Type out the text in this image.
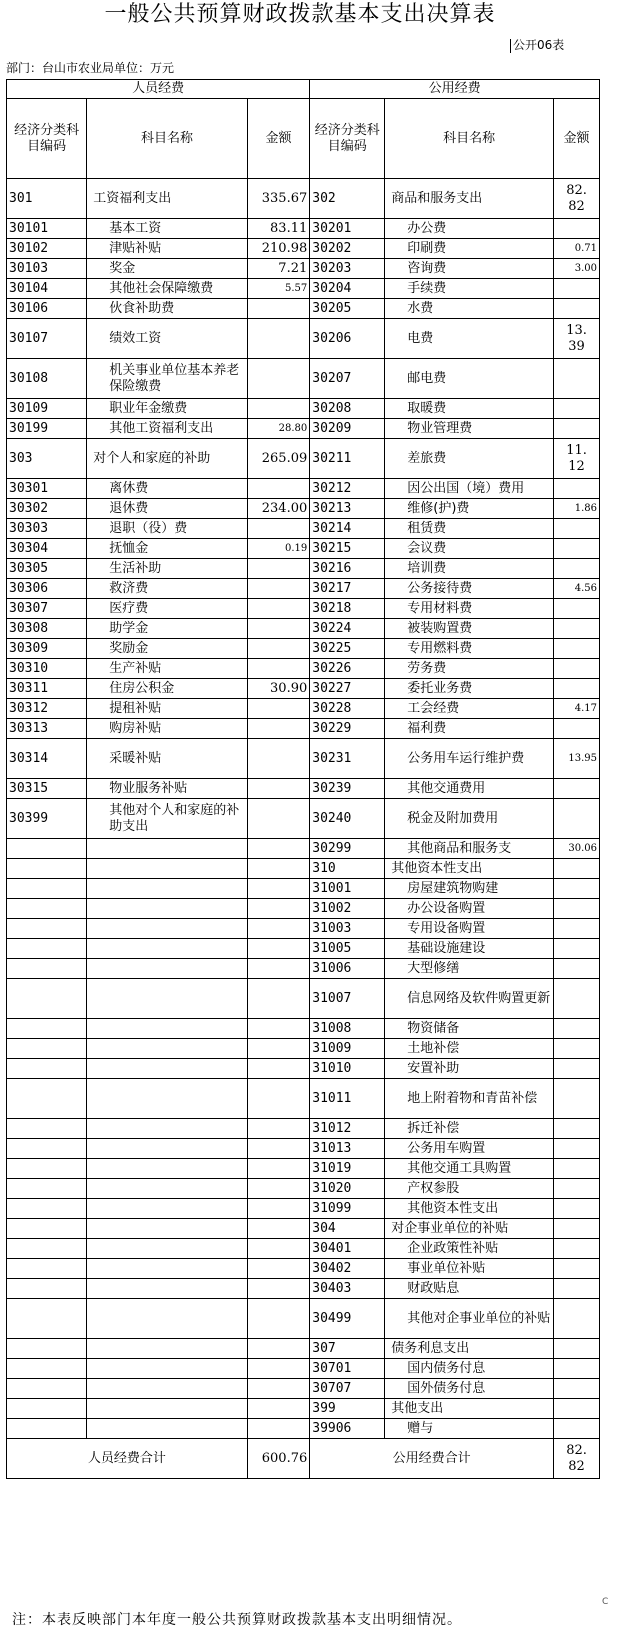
一般公共预算财政拨款基本支出决算表
公开06表
部门：台山市农业局单位：万元
人员经费			公用经费		
经济分类科目编码	科目名称	金额	经济分类科目编码	科目名称	金额
301	工资福利支出	335.67	302	商品和服务支出	82.82
30101	基本工资	83.11	30201	办公费	
30102	津贴补贴	210.98	30202	印刷费	0.71
30103	奖金	7.21	30203	咨询费	3.00
30104	其他社会保障缴费	5.57	30204	手续费	
30106	伙食补助费		30205	水费	
30107	绩效工资		30206	电费	13.39
30108	机关事业单位基本养老保险缴费		30207	邮电费	
30109	职业年金缴费		30208	取暖费	
30199	其他工资福利支出	28.80	30209	物业管理费	
303	对个人和家庭的补助	265.09	30211	差旅费	11.12
30301	离休费		30212	因公出国（境）费用	
30302	退休费	234.00	30213	维修(护)费	1.86
30303	退职（役）费		30214	租赁费	
30304	抚恤金	0.19	30215	会议费	
30305	生活补助		30216	培训费	
30306	救济费		30217	公务接待费	4.56
30307	医疗费		30218	专用材料费	
30308	助学金		30224	被装购置费	
30309	奖励金		30225	专用燃料费	
30310	生产补贴		30226	劳务费	
30311	住房公积金	30.90	30227	委托业务费	
30312	提租补贴		30228	工会经费	4.17
30313	购房补贴		30229	福利费	
30314	采暖补贴		30231	公务用车运行维护费	13.95
30315	物业服务补贴		30239	其他交通费用	
30399	其他对个人和家庭的补助支出		30240	税金及附加费用	
			30299	其他商品和服务支	30.06
			310	其他资本性支出	
			31001	房屋建筑物购建	
			31002	办公设备购置	
			31003	专用设备购置	
			31005	基础设施建设	
			31006	大型修缮	
			31007	信息网络及软件购置更新	
			31008	物资储备	
			31009	土地补偿	
			31010	安置补助	
			31011	地上附着物和青苗补偿	
			31012	拆迁补偿	
			31013	公务用车购置	
			31019	其他交通工具购置	
			31020	产权参股	
			31099	其他资本性支出	
			304	对企事业单位的补贴	
			30401	企业政策性补贴	
			30402	事业单位补贴	
			30403	财政贴息	
			30499	其他对企事业单位的补贴	
			307	债务利息支出	
			30701	国内债务付息	
			30707	国外债务付息	
			399	其他支出	
			39906	赠与	
人员经费合计		600.76	公用经费合计		82.82
注：本表反映部门本年度一般公共预算财政拨款基本支出明细情况。
C
